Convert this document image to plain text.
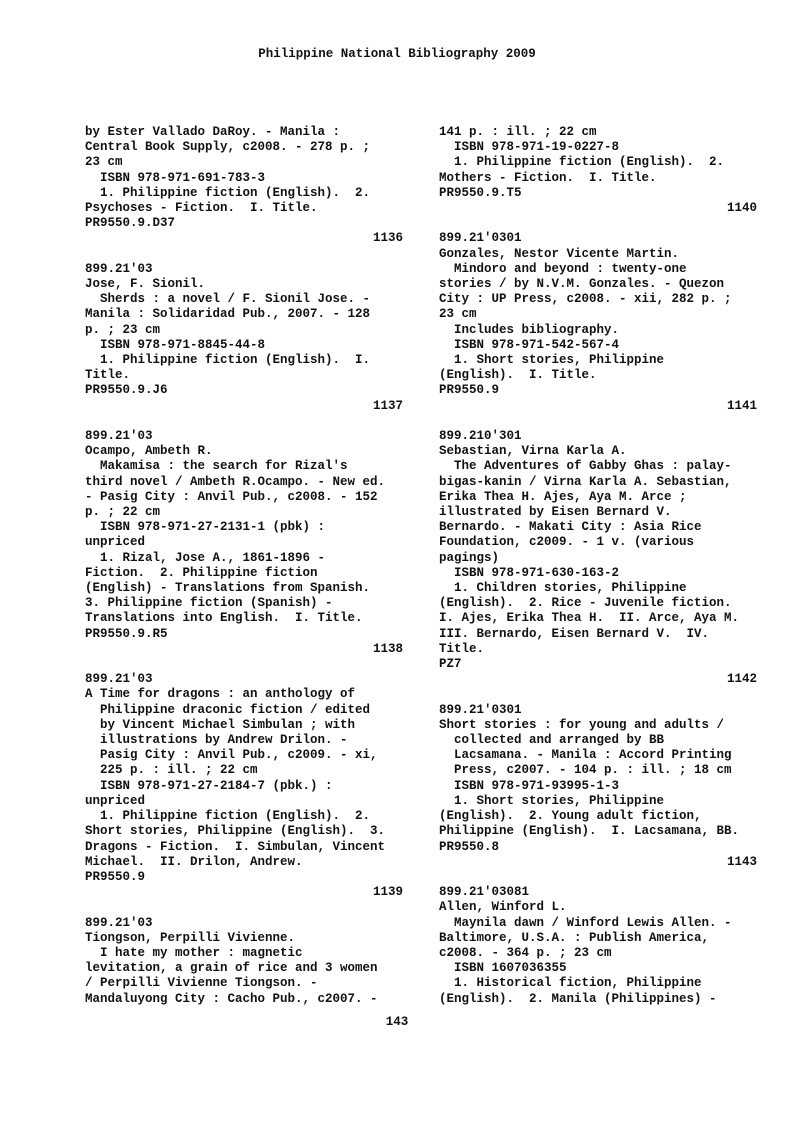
Philippine National Bibliography 2009
by Ester Vallado DaRoy. - Manila :
Central Book Supply, c2008. - 278 p. ;
23 cm
ISBN 978-971-691-783-3
1. Philippine fiction (English).  2.
Psychoses - Fiction.  I. Title.
PR9550.9.D37
1136
899.21'03
Jose, F. Sionil.
Sherds : a novel / F. Sionil Jose. -
Manila : Solidaridad Pub., 2007. - 128
p. ; 23 cm
ISBN 978-971-8845-44-8
1. Philippine fiction (English).  I.
Title.
PR9550.9.J6
1137
899.21'03
Ocampo, Ambeth R.
Makamisa : the search for Rizal's
third novel / Ambeth R.Ocampo. - New ed.
- Pasig City : Anvil Pub., c2008. - 152
p. ; 22 cm
ISBN 978-971-27-2131-1 (pbk) :
unpriced
1. Rizal, Jose A., 1861-1896 -
Fiction.  2. Philippine fiction
(English) - Translations from Spanish.
3. Philippine fiction (Spanish) -
Translations into English.  I. Title.
PR9550.9.R5
1138
899.21'03
A Time for dragons : an anthology of
Philippine draconic fiction / edited
by Vincent Michael Simbulan ; with
illustrations by Andrew Drilon. -
Pasig City : Anvil Pub., c2009. - xi,
225 p. : ill. ; 22 cm
ISBN 978-971-27-2184-7 (pbk.) :
unpriced
1. Philippine fiction (English).  2.
Short stories, Philippine (English).  3.
Dragons - Fiction.  I. Simbulan, Vincent
Michael.  II. Drilon, Andrew.
PR9550.9
1139
899.21'03
Tiongson, Perpilli Vivienne.
I hate my mother : magnetic
levitation, a grain of rice and 3 women
/ Perpilli Vivienne Tiongson. -
Mandaluyong City : Cacho Pub., c2007. -
141 p. : ill. ; 22 cm
ISBN 978-971-19-0227-8
1. Philippine fiction (English).  2.
Mothers - Fiction.  I. Title.
PR9550.9.T5
1140
899.21'0301
Gonzales, Nestor Vicente Martin.
Mindoro and beyond : twenty-one
stories / by N.V.M. Gonzales. - Quezon
City : UP Press, c2008. - xii, 282 p. ;
23 cm
Includes bibliography.
ISBN 978-971-542-567-4
1. Short stories, Philippine
(English).  I. Title.
PR9550.9
1141
899.210'301
Sebastian, Virna Karla A.
The Adventures of Gabby Ghas : palay-
bigas-kanin / Virna Karla A. Sebastian,
Erika Thea H. Ajes, Aya M. Arce ;
illustrated by Eisen Bernard V.
Bernardo. - Makati City : Asia Rice
Foundation, c2009. - 1 v. (various
pagings)
ISBN 978-971-630-163-2
1. Children stories, Philippine
(English).  2. Rice - Juvenile fiction.
I. Ajes, Erika Thea H.  II. Arce, Aya M.
III. Bernardo, Eisen Bernard V.  IV.
Title.
PZ7
1142
899.21'0301
Short stories : for young and adults /
collected and arranged by BB
Lacsamana. - Manila : Accord Printing
Press, c2007. - 104 p. : ill. ; 18 cm
ISBN 978-971-93995-1-3
1. Short stories, Philippine
(English).  2. Young adult fiction,
Philippine (English).  I. Lacsamana, BB.
PR9550.8
1143
899.21'03081
Allen, Winford L.
Maynila dawn / Winford Lewis Allen. -
Baltimore, U.S.A. : Publish America,
c2008. - 364 p. ; 23 cm
ISBN 1607036355
1. Historical fiction, Philippine
(English).  2. Manila (Philippines) -
143
